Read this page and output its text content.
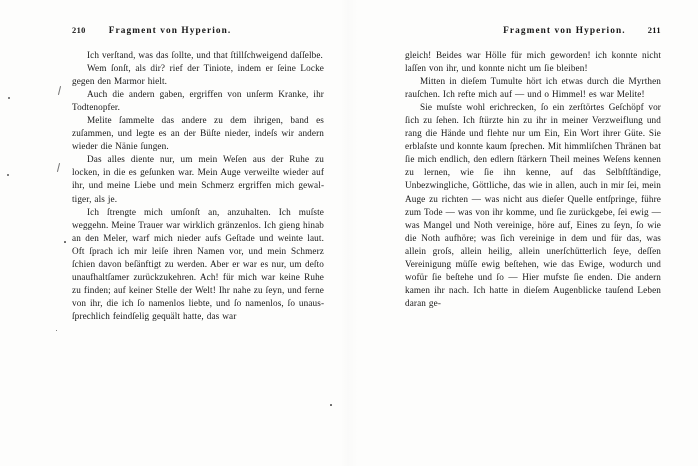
210 Fragment von Hyperion.

Ich verſtand, was das ſollte, und that ſtillſchweigend daſſelbe.

Wem ſonſt, als dir? rief der Tiniote, indem er ſeine Locke gegen den Marmor hielt.

Auch die andern gaben, ergriffen von unſerm Kranke, ihr Todtenopfer.

Melite ſammelte das andere zu dem ihrigen, band es zuſammen, und legte es an der Büſte nieder, indeſs wir andern wieder die Nänie ſungen.

Das alles diente nur, um mein Weſen aus der Ruhe zu locken, in die es geſunken war. Mein Auge verweilte wieder auf ihr, und meine Liebe und mein Schmerz ergriffen mich gewaltiger, als je.

Ich ſtrengte mich umſonſt an, anzuhalten. Ich muſste weggehn. Meine Trauer war wirklich gränzenlos. Ich gieng hinab an den Meler, warf mich nieder aufs Geſtade und weinte laut. Oft ſprach ich mir leiſe ihren Namen vor, und mein Schmerz ſchien davon beſänftigt zu werden. Aber er war es nur, um deſto unaufhaltſamer zurückzukehren. Ach! für mich war keine Ruhe zu finden; auf keiner Stelle der Welt! Ihr nahe zu ſeyn, und ferne von ihr, die ich ſo namenlos liebte, und ſo namenlos, ſo unausſprechlich feindſelig gequält hatte, das war

Fragment von Hyperion.	211

gleich! Beides war Hölle für mich geworden! ich konnte nicht laſſen von ihr, und konnte nicht um ſie bleiben!

Mitten in dieſem Tumulte hört ich etwas durch die Myrthen rauſchen. Ich refte mich auf — und o Himmel! es war Melite!

Sie muſste wohl erichrecken, ſo ein zerſtörtes Geſchöpf vor ſich zu ſehen. Ich ſtürzte hin zu ihr in meiner Verzweiflung und rang die Hände und flehte nur um Ein, Ein Wort ihrer Güte. Sie erblaſste und konnte kaum ſprechen. Mit himmliſchen Thränen bat ſie mich endlich, den edlern ſtärkern Theil meines Weſens kennen zu lernen, wie ſie ihn kenne, auf das Selbſtſtändige, Unbezwingliche, Göttliche, das wie in allen, auch in mir ſei, mein Auge zu richten — was nicht aus dieſer Quelle entſpringe, führe zum Tode — was von ihr komme, und ſie zurückgebe, ſei ewig — was Mangel und Noth vereinige, höre auf, Eines zu ſeyn, ſo wie die Noth aufhöre; was ſich vereinige in dem und für das, was allein groſs, allein heilig, allein unerſchütterlich ſeye, deſſen Vereinigung müſſe ewig beſtehen, wie das Ewige, wodurch und wofür ſie beſtehe und ſo — Hier mufste ſie enden. Die andern kamen ihr nach. Ich hatte in dieſem Augenblicke tauſend Leben daran ge-
